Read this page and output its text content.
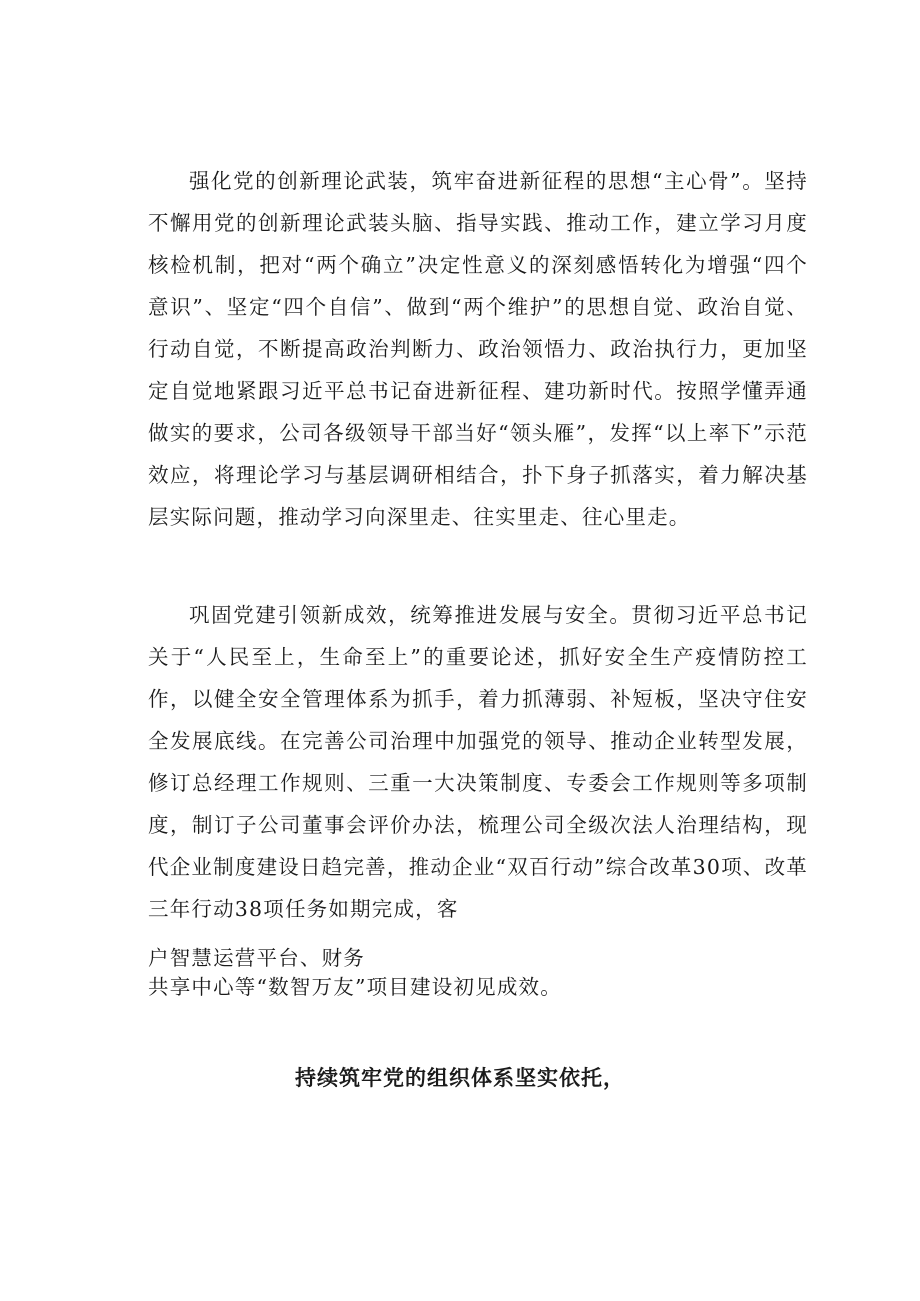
强化党的创新理论武装，筑牢奋进新征程的思想“主心骨”。坚持不懈用党的创新理论武装头脑、指导实践、推动工作，建立学习月度核检机制，把对“两个确立”决定性意义的深刻感悟转化为增强“四个意识”、坚定“四个自信”、做到“两个维护”的思想自觉、政治自觉、行动自觉，不断提高政治判断力、政治领悟力、政治执行力，更加坚定自觉地紧跟习近平总书记奋进新征程、建功新时代。按照学懂弄通做实的要求，公司各级领导干部当好“领头雁”，发挥“以上率下”示范效应，将理论学习与基层调研相结合，扑下身子抓落实，着力解决基层实际问题，推动学习向深里走、往实里走、往心里走。

巩固党建引领新成效，统筹推进发展与安全。贯彻习近平总书记关于“人民至上，生命至上”的重要论述，抓好安全生产疫情防控工作，以健全安全管理体系为抓手，着力抓薄弱、补短板，坚决守住安全发展底线。在完善公司治理中加强党的领导、推动企业转型发展，修订总经理工作规则、三重一大决策制度、专委会工作规则等多项制度，制订子公司董事会评价办法，梳理公司全级次法人治理结构，现代企业制度建设日趋完善，推动企业“双百行动”综合改革30项、改革三年行动38项任务如期完成，客

户智慧运营平台、财务

共享中心等“数智万友”项目建设初见成效。

持续筑牢党的组织体系坚实依托，
